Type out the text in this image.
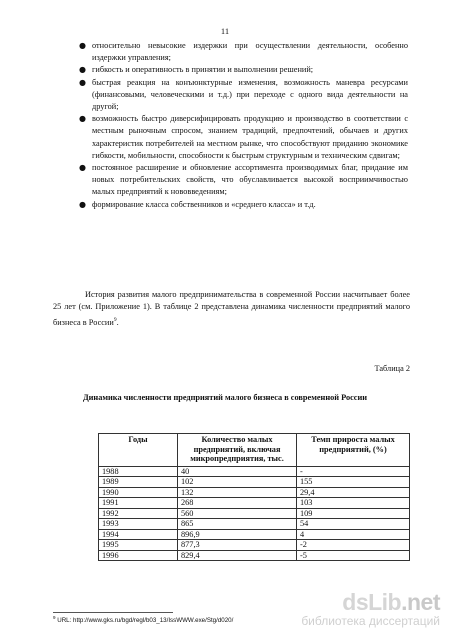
11
● относительно невысокие издержки при осуществлении деятельности, особенно издержки управления;
● гибкость и оперативность в принятии и выполнении решений;
● быстрая реакция на конъюнктурные изменения, возможность маневра ресурсами (финансовыми, человеческими и т.д.) при переходе с одного вида деятельности на другой;
● возможность быстро диверсифицировать продукцию и производство в соответствии с местным рыночным спросом, знанием традиций, предпочтений, обычаев и других характеристик потребителей на местном рынке, что способствуют приданию экономике гибкости, мобильности, способности к быстрым структурным и техническим сдвигам;
● постоянное расширение и обновление ассортимента производимых благ, придание им новых потребительских свойств, что обуславливается высокой восприимчивостью малых предприятий к нововведениям;
● формирование класса собственников и «среднего класса» и т.д.

История развития малого предпринимательства в современной России насчитывает более 25 лет (см. Приложение 1). В таблице 2 представлена динамика численности предприятий малого бизнеса в России$^9$.

Таблица 2
Динамика численности предприятий малого бизнеса в современной России
Годы	Количество малых предприятий, включая микропредприятия, тыс.	Темп прироста малых предприятий, (%)
1988	40	-
1989	102	155
1990	132	29,4
1991	268	103
1992	560	109
1993	865	54
1994	896,9	4
1995	877,3	-2
1996	829,4	-5
$^9$ URL: http://www.gks.ru/bgd/regl/b03_13/IssWWW.exe/Stg/d020/
dsLib.net
библиотека диссертаций
